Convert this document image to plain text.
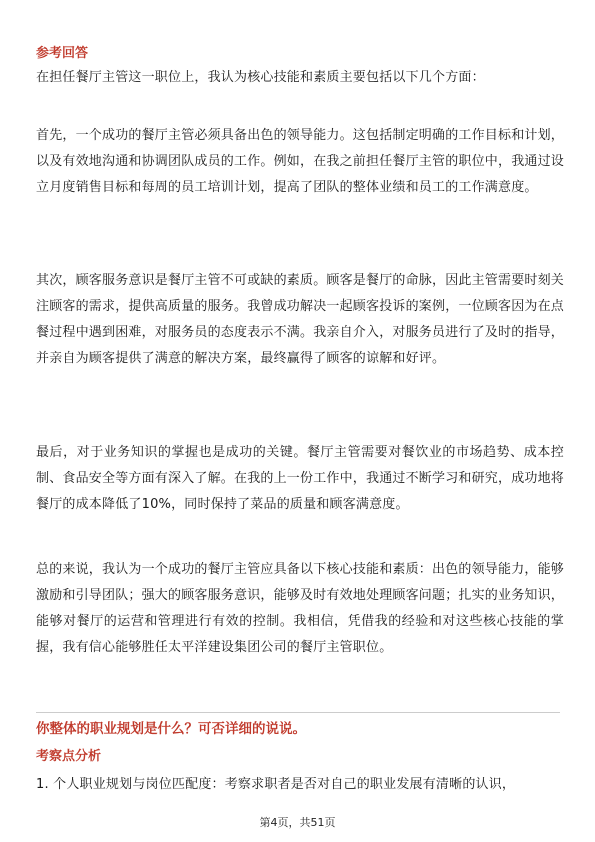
参考回答

在担任餐厅主管这一职位上，我认为核心技能和素质主要包括以下几个方面：

首先，一个成功的餐厅主管必须具备出色的领导能力。这包括制定明确的工作目标和计划，以及有效地沟通和协调团队成员的工作。例如，在我之前担任餐厅主管的职位中，我通过设立月度销售目标和每周的员工培训计划，提高了团队的整体业绩和员工的工作满意度。

其次，顾客服务意识是餐厅主管不可或缺的素质。顾客是餐厅的命脉，因此主管需要时刻关注顾客的需求，提供高质量的服务。我曾成功解决一起顾客投诉的案例，一位顾客因为在点餐过程中遇到困难，对服务员的态度表示不满。我亲自介入，对服务员进行了及时的指导，并亲自为顾客提供了满意的解决方案，最终赢得了顾客的谅解和好评。

最后，对于业务知识的掌握也是成功的关键。餐厅主管需要对餐饮业的市场趋势、成本控制、食品安全等方面有深入了解。在我的上一份工作中，我通过不断学习和研究，成功地将餐厅的成本降低了10%，同时保持了菜品的质量和顾客满意度。

总的来说，我认为一个成功的餐厅主管应具备以下核心技能和素质：出色的领导能力，能够激励和引导团队；强大的顾客服务意识，能够及时有效地处理顾客问题；扎实的业务知识，能够对餐厅的运营和管理进行有效的控制。我相信，凭借我的经验和对这些核心技能的掌握，我有信心能够胜任太平洋建设集团公司的餐厅主管职位。

你整体的职业规划是什么？可否详细的说说。

考察点分析

1. 个人职业规划与岗位匹配度：考察求职者是否对自己的职业发展有清晰的认识，

第4页，共51页
